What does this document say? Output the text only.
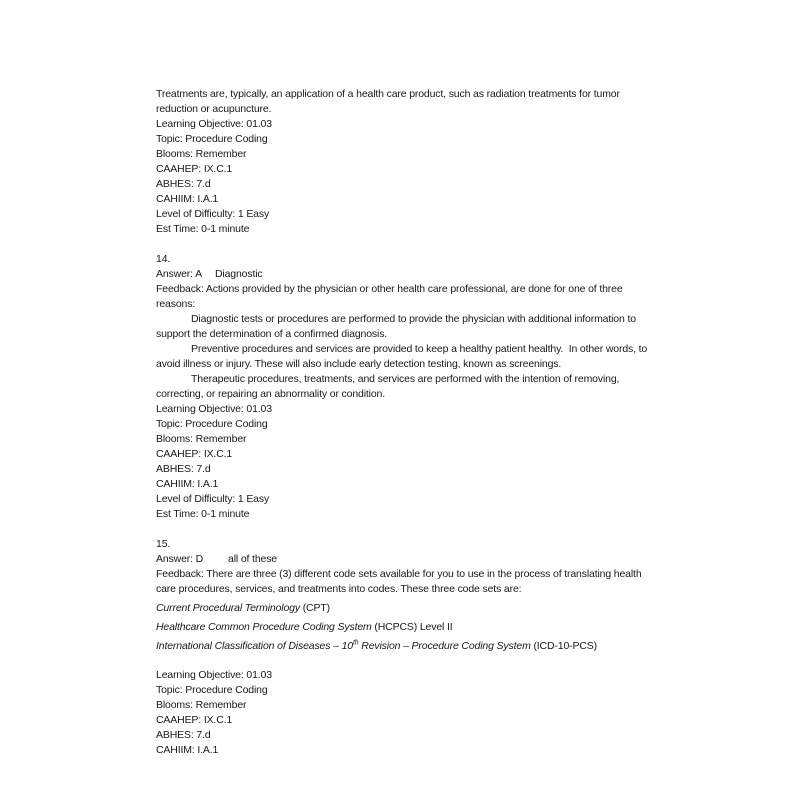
Treatments are, typically, an application of a health care product, such as radiation treatments for tumor reduction or acupuncture.

Learning Objective: 01.03
Topic: Procedure Coding
Blooms: Remember
CAAHEP: IX.C.1
ABHES: 7.d
CAHIIM: I.A.1
Level of Difficulty: 1 Easy
Est Time: 0-1 minute
14.
Answer: A Diagnostic

Feedback: Actions provided by the physician or other health care professional, are done for one of three reasons:

Diagnostic tests or procedures are performed to provide the physician with additional information to support the determination of a confirmed diagnosis.

Preventive procedures and services are provided to keep a healthy patient healthy.  In other words, to avoid illness or injury. These will also include early detection testing, known as screenings.

Therapeutic procedures, treatments, and services are performed with the intention of removing, correcting, or repairing an abnormality or condition.

Learning Objective: 01.03
Topic: Procedure Coding
Blooms: Remember
CAAHEP: IX.C.1
ABHES: 7.d
CAHIIM: I.A.1
Level of Difficulty: 1 Easy
Est Time: 0-1 minute
15.
Answer: D all of these

Feedback: There are three (3) different code sets available for you to use in the process of translating health care procedures, services, and treatments into codes. These three code sets are:

Current Procedural Terminology (CPT)

Healthcare Common Procedure Coding System (HCPCS) Level II

International Classification of Diseases – 10th Revision – Procedure Coding System (ICD-10-PCS)

Learning Objective: 01.03
Topic: Procedure Coding
Blooms: Remember
CAAHEP: IX.C.1
ABHES: 7.d
CAHIIM: I.A.1
